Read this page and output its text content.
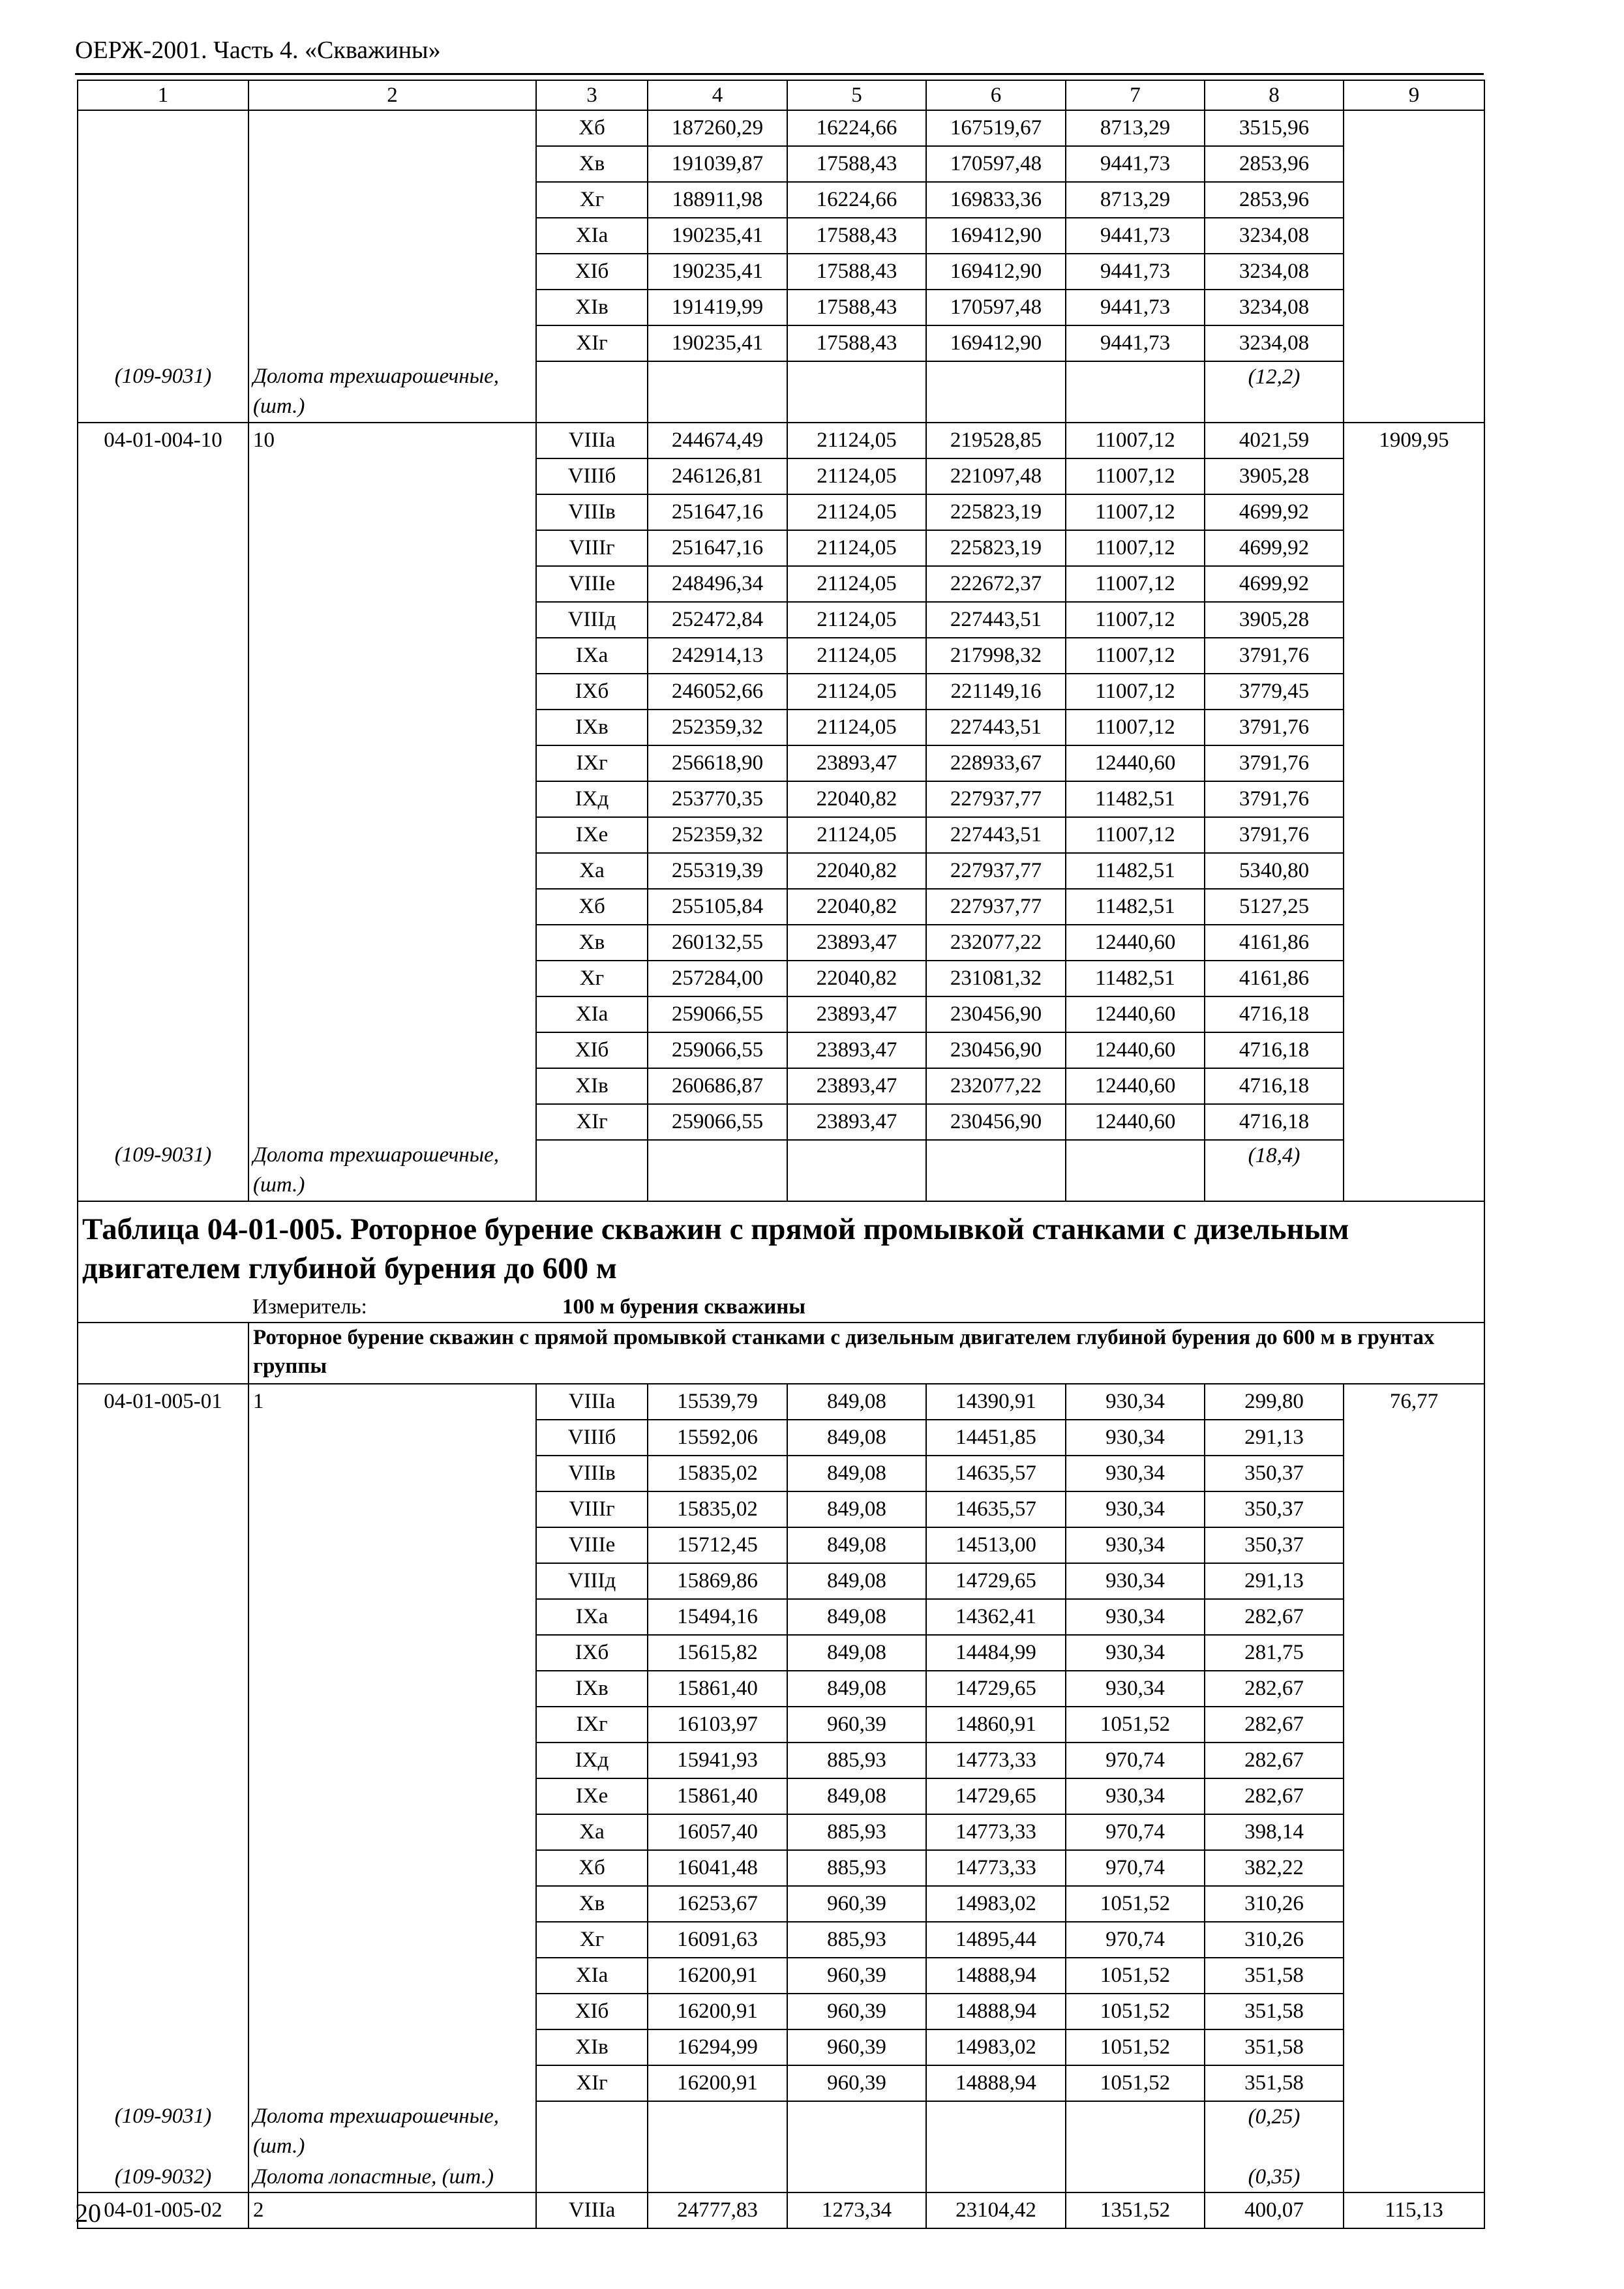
ОЕРЖ-2001. Часть 4. «Скважины»
1	2	3	4	5	6	7	8	9
		Хб	187260,29	16224,66	167519,67	8713,29	3515,96	
		Хв	191039,87	17588,43	170597,48	9441,73	2853,96	
		Хг	188911,98	16224,66	169833,36	8713,29	2853,96	
		XIа	190235,41	17588,43	169412,90	9441,73	3234,08	
		XIб	190235,41	17588,43	169412,90	9441,73	3234,08	
		XIв	191419,99	17588,43	170597,48	9441,73	3234,08	
		XIг	190235,41	17588,43	169412,90	9441,73	3234,08	
(109-9031)	Долота трехшарошечные, (шт.)						(12,2)	
04-01-004-10	10	VIIIа	244674,49	21124,05	219528,85	11007,12	4021,59	1909,95
		VIIIб	246126,81	21124,05	221097,48	11007,12	3905,28	
		VIIIв	251647,16	21124,05	225823,19	11007,12	4699,92	
		VIIIг	251647,16	21124,05	225823,19	11007,12	4699,92	
		VIIIе	248496,34	21124,05	222672,37	11007,12	4699,92	
		VIIIд	252472,84	21124,05	227443,51	11007,12	3905,28	
		IXа	242914,13	21124,05	217998,32	11007,12	3791,76	
		IXб	246052,66	21124,05	221149,16	11007,12	3779,45	
		IXв	252359,32	21124,05	227443,51	11007,12	3791,76	
		IXг	256618,90	23893,47	228933,67	12440,60	3791,76	
		IXд	253770,35	22040,82	227937,77	11482,51	3791,76	
		IXе	252359,32	21124,05	227443,51	11007,12	3791,76	
		Ха	255319,39	22040,82	227937,77	11482,51	5340,80	
		Хб	255105,84	22040,82	227937,77	11482,51	5127,25	
		Хв	260132,55	23893,47	232077,22	12440,60	4161,86	
		Хг	257284,00	22040,82	231081,32	11482,51	4161,86	
		XIа	259066,55	23893,47	230456,90	12440,60	4716,18	
		XIб	259066,55	23893,47	230456,90	12440,60	4716,18	
		XIв	260686,87	23893,47	232077,22	12440,60	4716,18	
		XIг	259066,55	23893,47	230456,90	12440,60	4716,18	
(109-9031)	Долота трехшарошечные, (шт.)						(18,4)	

Таблица 04-01-005. Роторное бурение скважин с прямой промывкой станками с дизельным двигателем глубиной бурения до 600 м								

	Измеритель:	100 м бурения скважины						
	Роторное бурение скважин с прямой промывкой станками с дизельным двигателем глубиной бурения до 600 м в грунтах группы							
04-01-005-01	1	VIIIа	15539,79	849,08	14390,91	930,34	299,80	76,77
		VIIIб	15592,06	849,08	14451,85	930,34	291,13	
		VIIIв	15835,02	849,08	14635,57	930,34	350,37	
		VIIIг	15835,02	849,08	14635,57	930,34	350,37	
		VIIIе	15712,45	849,08	14513,00	930,34	350,37	
		VIIIд	15869,86	849,08	14729,65	930,34	291,13	
		IXа	15494,16	849,08	14362,41	930,34	282,67	
		IXб	15615,82	849,08	14484,99	930,34	281,75	
		IXв	15861,40	849,08	14729,65	930,34	282,67	
		IXг	16103,97	960,39	14860,91	1051,52	282,67	
		IXд	15941,93	885,93	14773,33	970,74	282,67	
		IXе	15861,40	849,08	14729,65	930,34	282,67	
		Ха	16057,40	885,93	14773,33	970,74	398,14	
		Хб	16041,48	885,93	14773,33	970,74	382,22	
		Хв	16253,67	960,39	14983,02	1051,52	310,26	
		Хг	16091,63	885,93	14895,44	970,74	310,26	
		XIа	16200,91	960,39	14888,94	1051,52	351,58	
		XIб	16200,91	960,39	14888,94	1051,52	351,58	
		XIв	16294,99	960,39	14983,02	1051,52	351,58	
		XIг	16200,91	960,39	14888,94	1051,52	351,58	
(109-9031)	Долота трехшарошечные, (шт.)						(0,25)	
(109-9032)	Долота лопастные, (шт.)						(0,35)	
04-01-005-02	2	VIIIа	24777,83	1273,34	23104,42	1351,52	400,07	115,13
20
